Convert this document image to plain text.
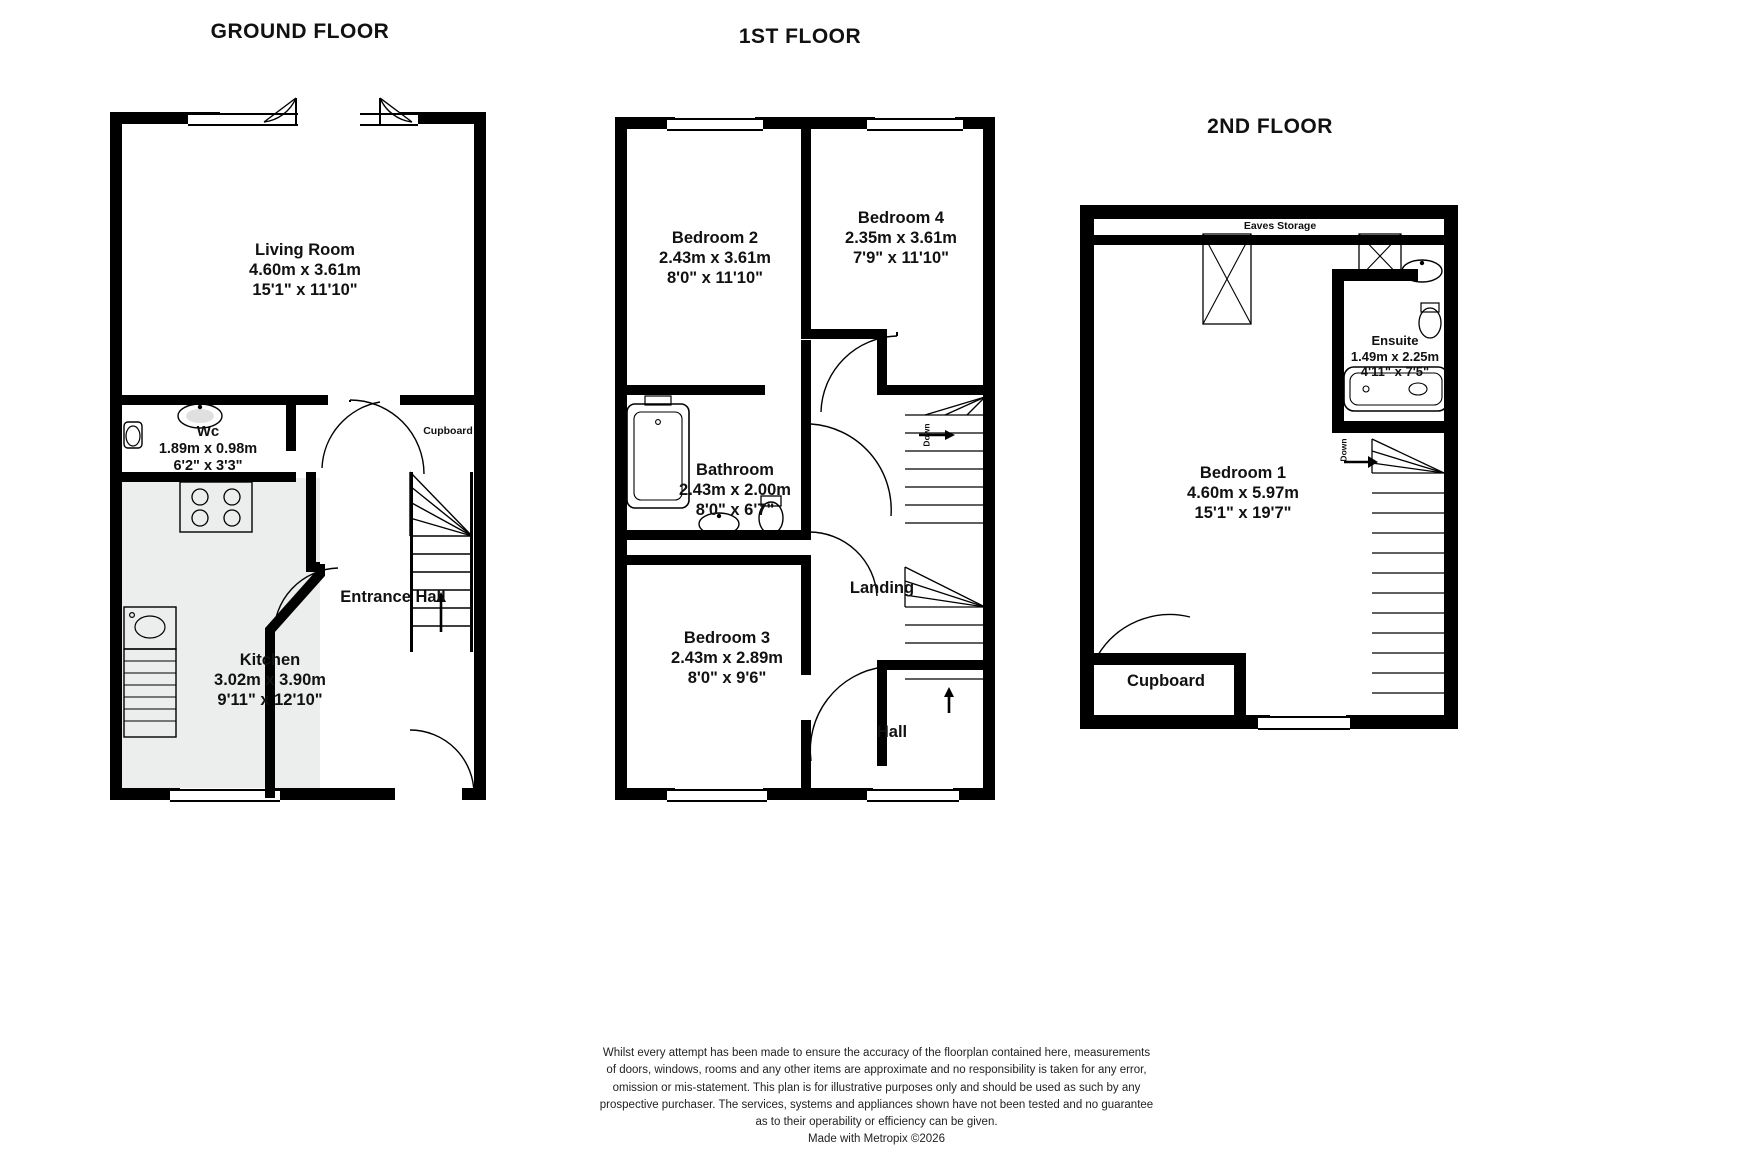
GROUND FLOOR
Living Room
4.60m x 3.61m
15'1" x 11'10"
Wc
1.89m x 0.98m
6'2" x 3'3"
Kitchen
3.02m x 3.90m
9'11" x 12'10"
Entrance Hall
Cupboard
1ST FLOOR
Down
Bedroom 2
2.43m x 3.61m
8'0" x 11'10"
Bedroom 4
2.35m x 3.61m
7'9" x 11'10"
Bathroom
2.43m x 2.00m
8'0" x 6'7"
Bedroom 3
2.43m x 2.89m
8'0" x 9'6"
Landing
Hall
2ND FLOOR
Eaves Storage
Ensuite
1.49m x 2.25m
4'11" x 7'5"
Down
Cupboard
Bedroom 1
4.60m x 5.97m
15'1" x 19'7"
Whilst every attempt has been made to ensure the accuracy of the floorplan contained here, measurements
of doors, windows, rooms and any other items are approximate and no responsibility is taken for any error,
omission or mis-statement. This plan is for illustrative purposes only and should be used as such by any
prospective purchaser. The services, systems and appliances shown have not been tested and no guarantee
as to their operability or efficiency can be given.
Made with Metropix ©2026
